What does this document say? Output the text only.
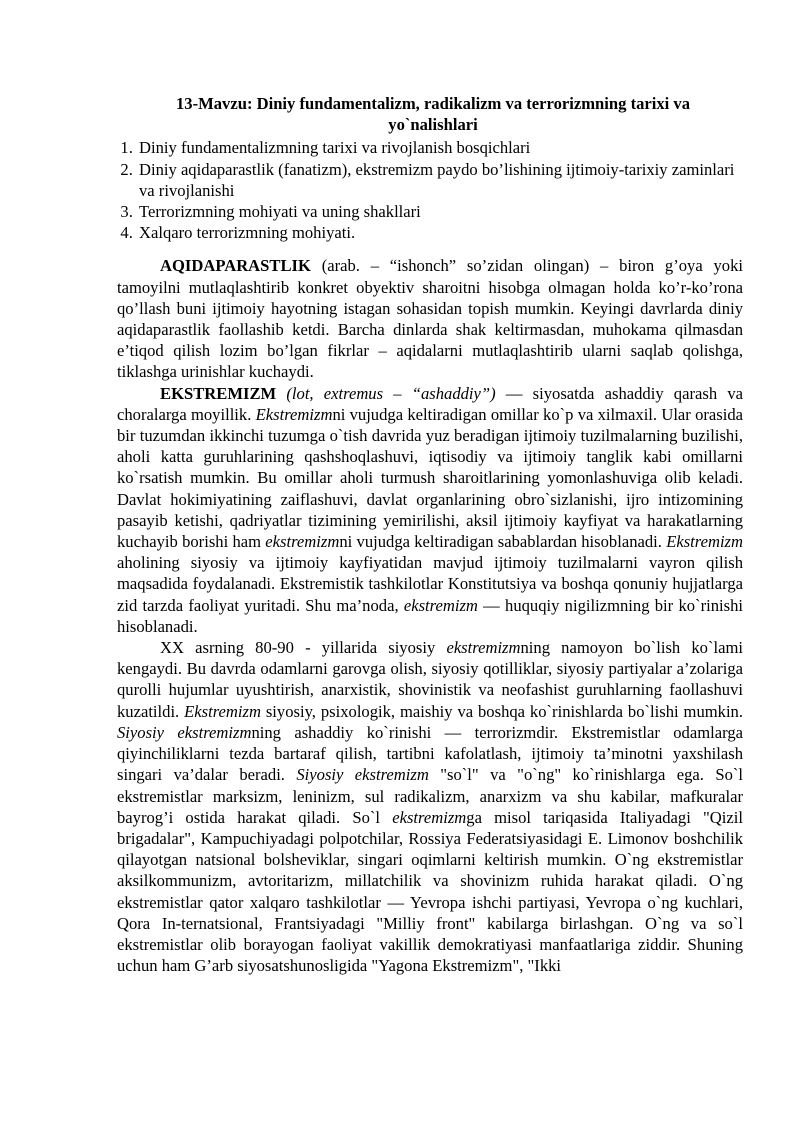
13-Mavzu: Diniy fundamentalizm, radikalizm va terrorizmning tarixi va yo`nalishlari
1. Diniy fundamentalizmning tarixi va rivojlanish bosqichlari
2. Diniy aqidaparastlik (fanatizm), ekstremizm paydo bo’lishining ijtimoiy-tarixiy zaminlari va rivojlanishi
3. Terrorizmning mohiyati va uning shakllari
4. Xalqaro terrorizmning mohiyati.

AQIDAPARASTLIK (arab. – “ishonch” so’zidan olingan) – biron g’oya yoki tamoyilni mutlaqlashtirib konkret obyektiv sharoitni hisobga olmagan holda ko’r-ko’rona qo’llash buni ijtimoiy hayotning istagan sohasidan topish mumkin. Keyingi davrlarda diniy aqidaparastlik faollashib ketdi. Barcha dinlarda shak keltirmasdan, muhokama qilmasdan e’tiqod qilish lozim bo’lgan fikrlar – aqidalarni mutlaqlashtirib ularni saqlab qolishga, tiklashga urinishlar kuchaydi.

EKSTREMIZM (lot, extremus – “ashaddiy”) — siyosatda ashaddiy qarash va choralarga moyillik. Ekstremizmni vujudga keltiradigan omillar ko`p va xilmaxil. Ular orasida bir tuzumdan ikkinchi tuzumga o`tish davrida yuz beradigan ijtimoiy tuzilmalarning buzilishi, aholi katta guruhlarining qashshoqlashuvi, iqtisodiy va ijtimoiy tanglik kabi omillarni ko`rsatish mumkin. Bu omillar aholi turmush sharoitlarining yomonlashuviga olib keladi. Davlat hokimiyatining zaiflashuvi, davlat organlarining obro`sizlanishi, ijro intizomining pasayib ketishi, qadriyatlar tizimining yemirilishi, aksil ijtimoiy kayfiyat va harakatlarning kuchayib borishi ham ekstremizmni vujudga keltiradigan sabablardan hisoblanadi. Ekstremizm aholining siyosiy va ijtimoiy kayfiyatidan mavjud ijtimoiy tuzilmalarni vayron qilish maqsadida foydalanadi. Ekstremistik tashkilotlar Konstitutsiya va boshqa qonuniy hujjatlarga zid tarzda faoliyat yuritadi. Shu ma’noda, ekstremizm — huquqiy nigilizmning bir ko`rinishi hisoblanadi.

XX asrning 80-90 - yillarida siyosiy ekstremizmning namoyon bo`lish ko`lami kengaydi. Bu davrda odamlarni garovga olish, siyosiy qotilliklar, siyosiy partiyalar a’zolariga qurolli hujumlar uyushtirish, anarxistik, shovinistik va neofashist guruhlarning faollashuvi kuzatildi. Ekstremizm siyosiy, psixologik, maishiy va boshqa ko`rinishlarda bo`lishi mumkin. Siyosiy ekstremizmning ashaddiy ko`rinishi — terrorizmdir. Ekstremistlar odamlarga qiyinchiliklarni tezda bartaraf qilish, tartibni kafolatlash, ijtimoiy ta’minotni yaxshilash singari va’dalar beradi. Siyosiy ekstremizm "so`l" va "o`ng" ko`rinishlarga ega. So`l ekstremistlar marksizm, leninizm, sul radikalizm, anarxizm va shu kabilar, mafkuralar bayrog’i ostida harakat qiladi. So`l ekstremizmga misol tariqasida Italiyadagi "Qizil brigadalar", Kampuchiyadagi polpotchilar, Rossiya Federatsiyasidagi E. Limonov boshchilik qilayotgan natsional bolsheviklar, singari oqimlarni keltirish mumkin. O`ng ekstremistlar aksilkommunizm, avtoritarizm, millatchilik va shovinizm ruhida harakat qiladi. O`ng ekstremistlar qator xalqaro tashkilotlar — Yevropa ishchi partiyasi, Yevropa o`ng kuchlari, Qora In-ternatsional, Frantsiyadagi "Milliy front" kabilarga birlashgan. O`ng va so`l ekstremistlar olib borayogan faoliyat vakillik demokratiyasi manfaatlariga ziddir. Shuning uchun ham G’arb siyosatshunosligida "Yagona Ekstremizm", "Ikki
